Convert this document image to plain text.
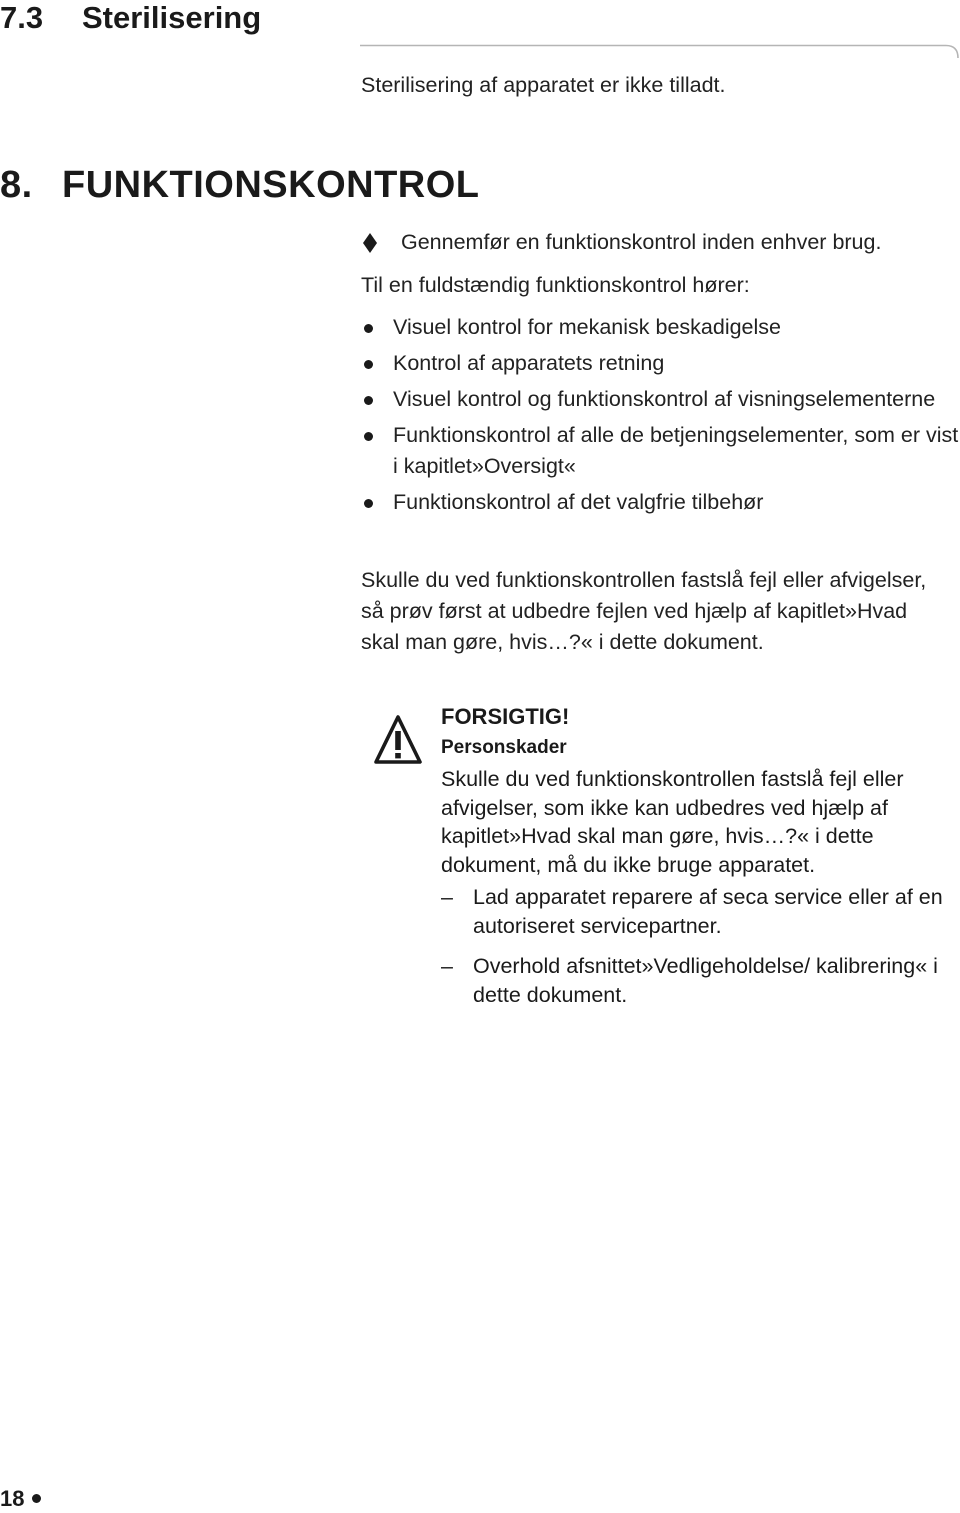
7.3 Sterilisering
Sterilisering af apparatet er ikke tilladt.
8. FUNKTIONSKONTROL
Gennemfør en funktionskontrol inden enhver brug.
Til en fuldstændig funktionskontrol hører:
Visuel kontrol for mekanisk beskadigelse
Kontrol af apparatets retning
Visuel kontrol og funktionskontrol af visningselementerne
Funktionskontrol af alle de betjeningselementer, som er vist i kapitlet»Oversigt«
Funktionskontrol af det valgfrie tilbehør
Skulle du ved funktionskontrollen fastslå fejl eller afvigelser, så prøv først at udbedre fejlen ved hjælp af kapitlet»Hvad skal man gøre, hvis…?« i dette dokument.
FORSIGTIG!
Personskader
Skulle du ved funktionskontrollen fastslå fejl eller afvigelser, som ikke kan udbedres ved hjælp af kapitlet»Hvad skal man gøre, hvis…?« i dette dokument, må du ikke bruge apparatet.
– Lad apparatet reparere af seca service eller af en autoriseret servicepartner.
– Overhold afsnittet»Vedligeholdelse/ kalibrering« i dette dokument.
18
